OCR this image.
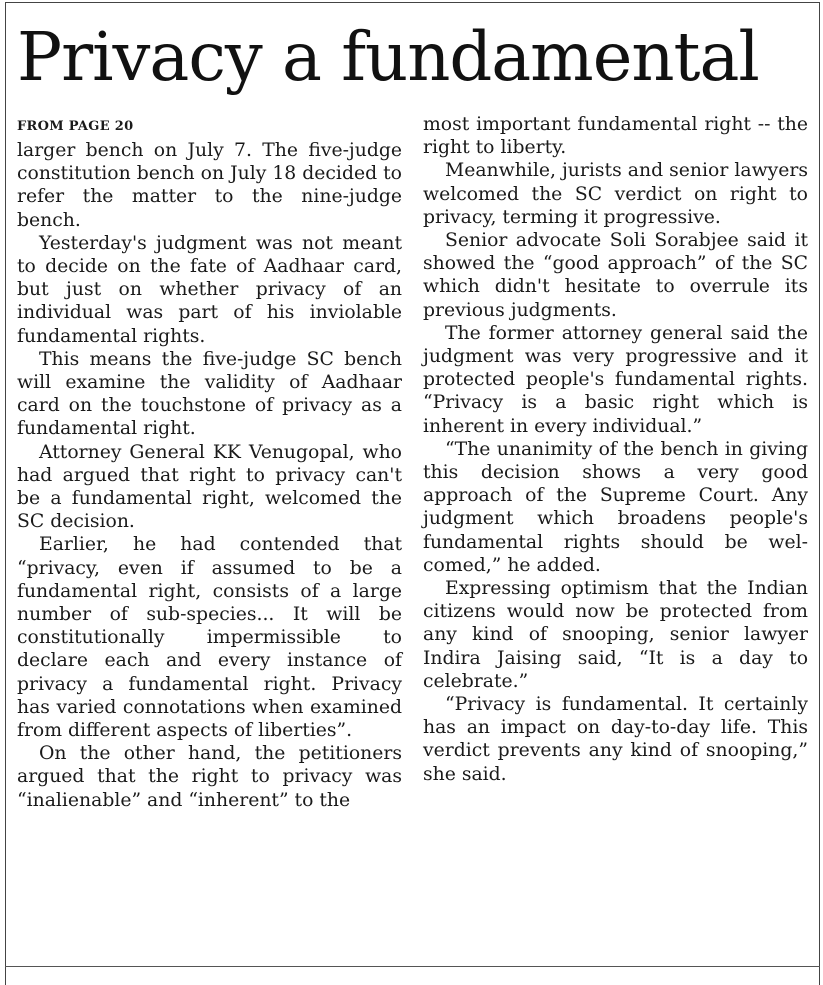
Privacy a fundamental
FROM PAGE 20

larger bench on July 7. The five-judge constitution bench on July 18 decided to refer the matter to the nine-judge bench.

Yesterday's judgment was not meant to decide on the fate of Aadhaar card, but just on whether privacy of an individual was part of his inviolable fundamental rights.

This means the five-judge SC bench will examine the validity of Aadhaar card on the touchstone of privacy as a fundamental right.

Attorney General KK Venugopal, who had argued that right to privacy can't be a fundamental right, welcomed the SC decision.

Earlier, he had contended that “privacy, even if assumed to be a fundamental right, consists of a large number of sub-species... It will be constitutionally impermissible to declare each and every instance of privacy a fundamental right. Privacy has varied connotations when examined from different aspects of liberties”.

On the other hand, the petitioners argued that the right to privacy was “inalienable” and “inherent” to the

most important fundamental right -- the right to liberty.

Meanwhile, jurists and senior lawyers welcomed the SC verdict on right to privacy, terming it progressive.

Senior advocate Soli Sorabjee said it showed the “good approach” of the SC which didn't hesitate to overrule its previous judgments.

The former attorney general said the judgment was very progressive and it protected people's fundamental rights. “Privacy is a basic right which is inherent in every individual.”

“The unanimity of the bench in giving this decision shows a very good approach of the Supreme Court. Any judgment which broadens people's fundamental rights should be welcomed,” he added.

Expressing optimism that the Indian citizens would now be protected from any kind of snooping, senior lawyer Indira Jaising said, “It is a day to celebrate.”

“Privacy is fundamental. It certainly has an impact on day-to-day life. This verdict prevents any kind of snooping,” she said.
